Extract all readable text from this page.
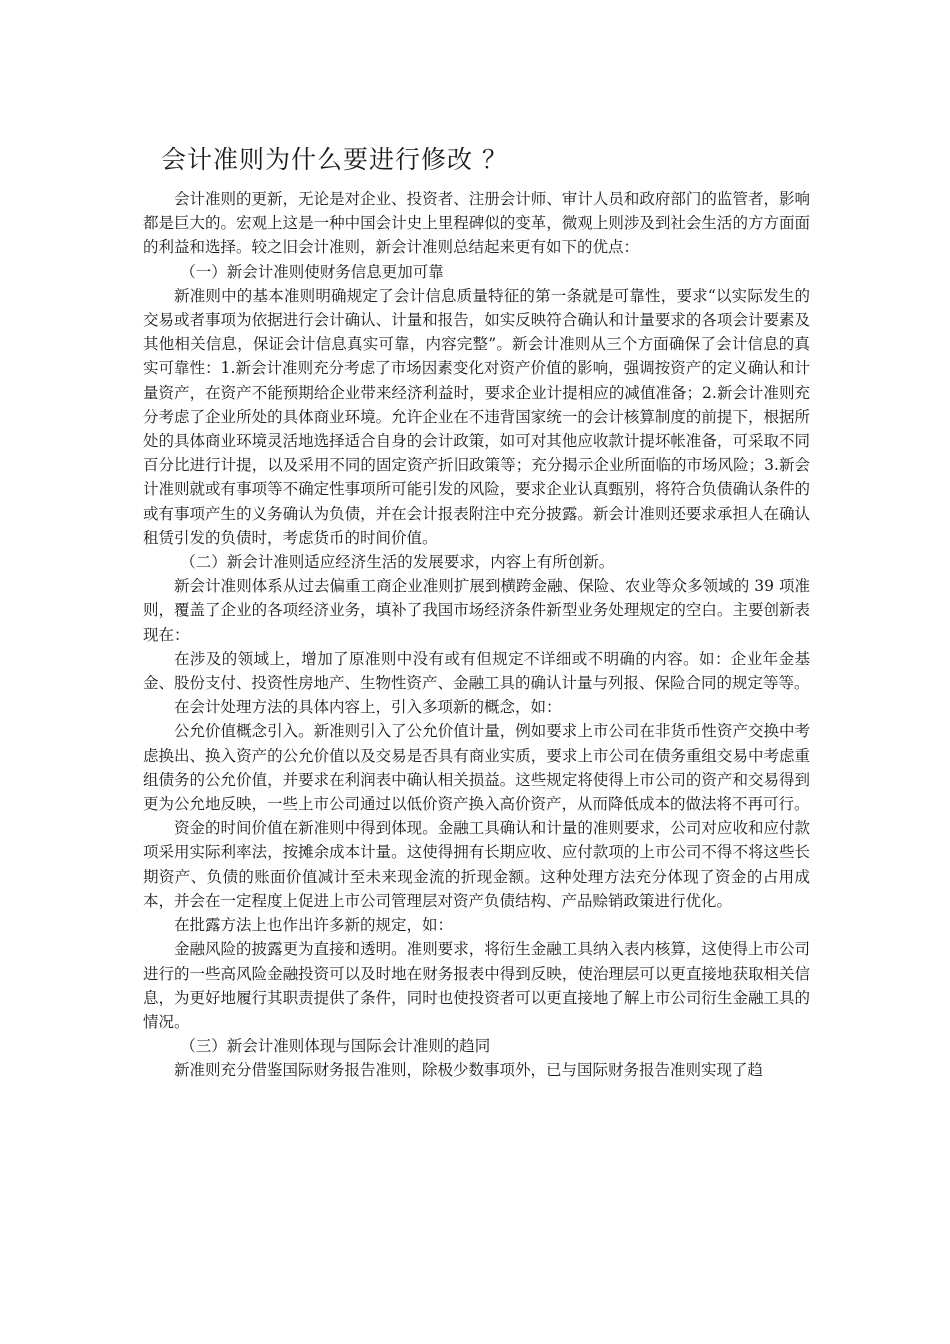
会计准则为什么要进行修改 ？

会计准则的更新，无论是对企业、投资者、注册会计师、审计人员和政府部门的监管者，影响都是巨大的。宏观上这是一种中国会计史上里程碑似的变革，微观上则涉及到社会生活的方方面面的利益和选择。较之旧会计准则，新会计准则总结起来更有如下的优点：

（一）新会计准则使财务信息更加可靠

新准则中的基本准则明确规定了会计信息质量特征的第一条就是可靠性，要求“以实际发生的交易或者事项为依据进行会计确认、计量和报告，如实反映符合确认和计量要求的各项会计要素及其他相关信息，保证会计信息真实可靠，内容完整”。新会计准则从三个方面确保了会计信息的真实可靠性：1.新会计准则充分考虑了市场因素变化对资产价值的影响，强调按资产的定义确认和计量资产，在资产不能预期给企业带来经济利益时，要求企业计提相应的减值准备；2.新会计准则充分考虑了企业所处的具体商业环境。允许企业在不违背国家统一的会计核算制度的前提下，根据所处的具体商业环境灵活地选择适合自身的会计政策，如可对其他应收款计提坏帐准备，可采取不同百分比进行计提，以及采用不同的固定资产折旧政策等；充分揭示企业所面临的市场风险；3.新会计准则就或有事项等不确定性事项所可能引发的风险，要求企业认真甄别，将符合负债确认条件的或有事项产生的义务确认为负债，并在会计报表附注中充分披露。新会计准则还要求承担人在确认租赁引发的负债时，考虑货币的时间价值。

（二）新会计准则适应经济生活的发展要求，内容上有所创新。

新会计准则体系从过去偏重工商企业准则扩展到横跨金融、保险、农业等众多领域的 39 项准则，覆盖了企业的各项经济业务，填补了我国市场经济条件新型业务处理规定的空白。主要创新表现在：

在涉及的领域上，增加了原准则中没有或有但规定不详细或不明确的内容。如：企业年金基金、股份支付、投资性房地产、生物性资产、金融工具的确认计量与列报、保险合同的规定等等。

在会计处理方法的具体内容上，引入多项新的概念，如：

公允价值概念引入。新准则引入了公允价值计量，例如要求上市公司在非货币性资产交换中考虑换出、换入资产的公允价值以及交易是否具有商业实质，要求上市公司在债务重组交易中考虑重组债务的公允价值，并要求在利润表中确认相关损益。这些规定将使得上市公司的资产和交易得到更为公允地反映，一些上市公司通过以低价资产换入高价资产，从而降低成本的做法将不再可行。

资金的时间价值在新准则中得到体现。金融工具确认和计量的准则要求，公司对应收和应付款项采用实际利率法，按摊余成本计量。这使得拥有长期应收、应付款项的上市公司不得不将这些长期资产、负债的账面价值减计至未来现金流的折现金额。这种处理方法充分体现了资金的占用成本，并会在一定程度上促进上市公司管理层对资产负债结构、产品赊销政策进行优化。

在批露方法上也作出许多新的规定，如：

金融风险的披露更为直接和透明。准则要求，将衍生金融工具纳入表内核算，这使得上市公司进行的一些高风险金融投资可以及时地在财务报表中得到反映，使治理层可以更直接地获取相关信息，为更好地履行其职责提供了条件，同时也使投资者可以更直接地了解上市公司衍生金融工具的情况。

（三）新会计准则体现与国际会计准则的趋同

新准则充分借鉴国际财务报告准则，除极少数事项外，已与国际财务报告准则实现了趋
